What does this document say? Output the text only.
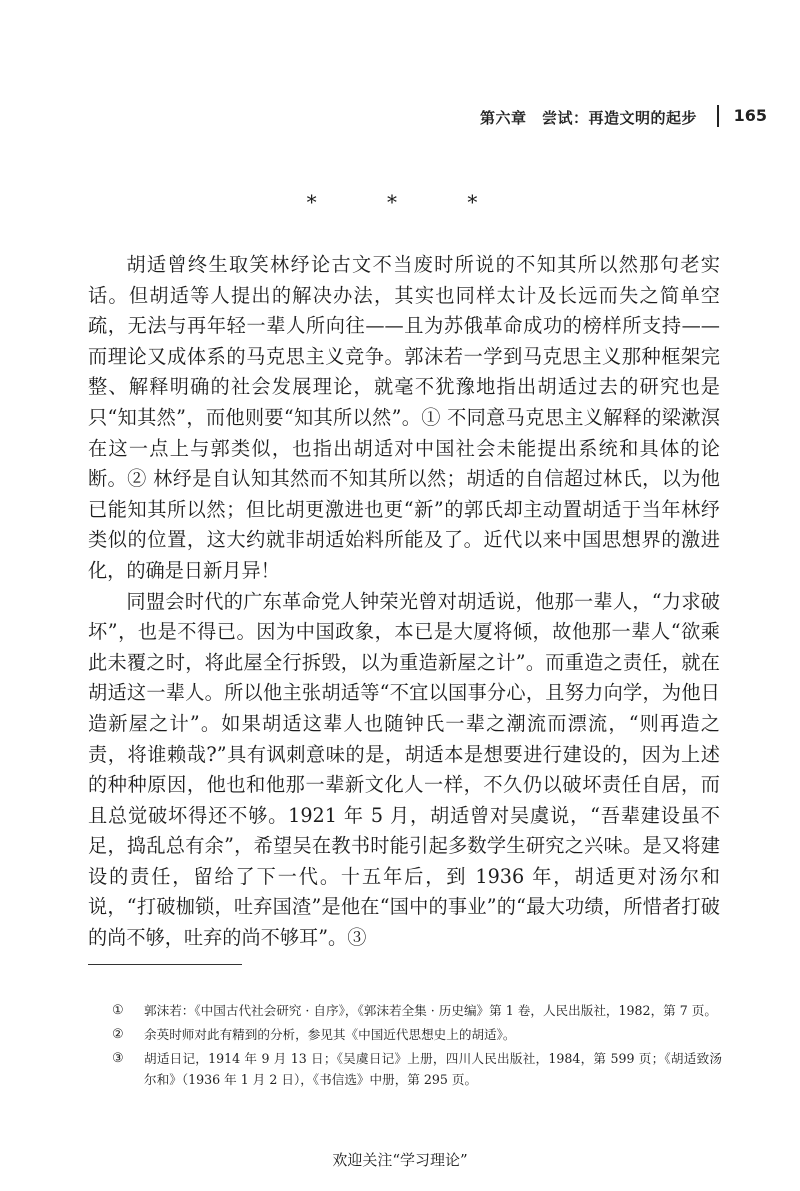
第六章　尝试：再造文明的起步 165
* * *

胡适曾终生取笑林纾论古文不当废时所说的不知其所以然那句老实话。但胡适等人提出的解决办法，其实也同样太计及长远而失之简单空疏，无法与再年轻一辈人所向往——且为苏俄革命成功的榜样所支持——而理论又成体系的马克思主义竞争。郭沫若一学到马克思主义那种框架完整、解释明确的社会发展理论，就毫不犹豫地指出胡适过去的研究也是只“知其然”，而他则要“知其所以然”。① 不同意马克思主义解释的梁漱溟在这一点上与郭类似，也指出胡适对中国社会未能提出系统和具体的论断。② 林纾是自认知其然而不知其所以然；胡适的自信超过林氏，以为他已能知其所以然；但比胡更激进也更“新”的郭氏却主动置胡适于当年林纾类似的位置，这大约就非胡适始料所能及了。近代以来中国思想界的激进化，的确是日新月异！

同盟会时代的广东革命党人钟荣光曾对胡适说，他那一辈人，“力求破坏”，也是不得已。因为中国政象，本已是大厦将倾，故他那一辈人“欲乘此未覆之时，将此屋全行拆毁，以为重造新屋之计”。而重造之责任，就在胡适这一辈人。所以他主张胡适等“不宜以国事分心，且努力向学，为他日造新屋之计”。如果胡适这辈人也随钟氏一辈之潮流而漂流，“则再造之责，将谁赖哉?”具有讽刺意味的是，胡适本是想要进行建设的，因为上述的种种原因，他也和他那一辈新文化人一样，不久仍以破坏责任自居，而且总觉破坏得还不够。1921 年 5 月，胡适曾对吴虞说，“吾辈建设虽不足，捣乱总有余”，希望吴在教书时能引起多数学生研究之兴味。是又将建设的责任，留给了下一代。十五年后，到 1936 年，胡适更对汤尔和说，“打破枷锁，吐弃国渣”是他在“国中的事业”的“最大功绩，所惜者打破的尚不够，吐弃的尚不够耳”。③

①	郭沫若：《中国古代社会研究 · 自序》，《郭沫若全集 · 历史编》第 1 卷，人民出版社，1982，第 7 页。
②	余英时师对此有精到的分析，参见其《中国近代思想史上的胡适》。
③	胡适日记，1914 年 9 月 13 日；《吴虞日记》上册，四川人民出版社，1984，第 599 页；《胡适致汤尔和》（1936 年 1 月 2 日），《书信选》中册，第 295 页。
欢迎关注“学习理论”
